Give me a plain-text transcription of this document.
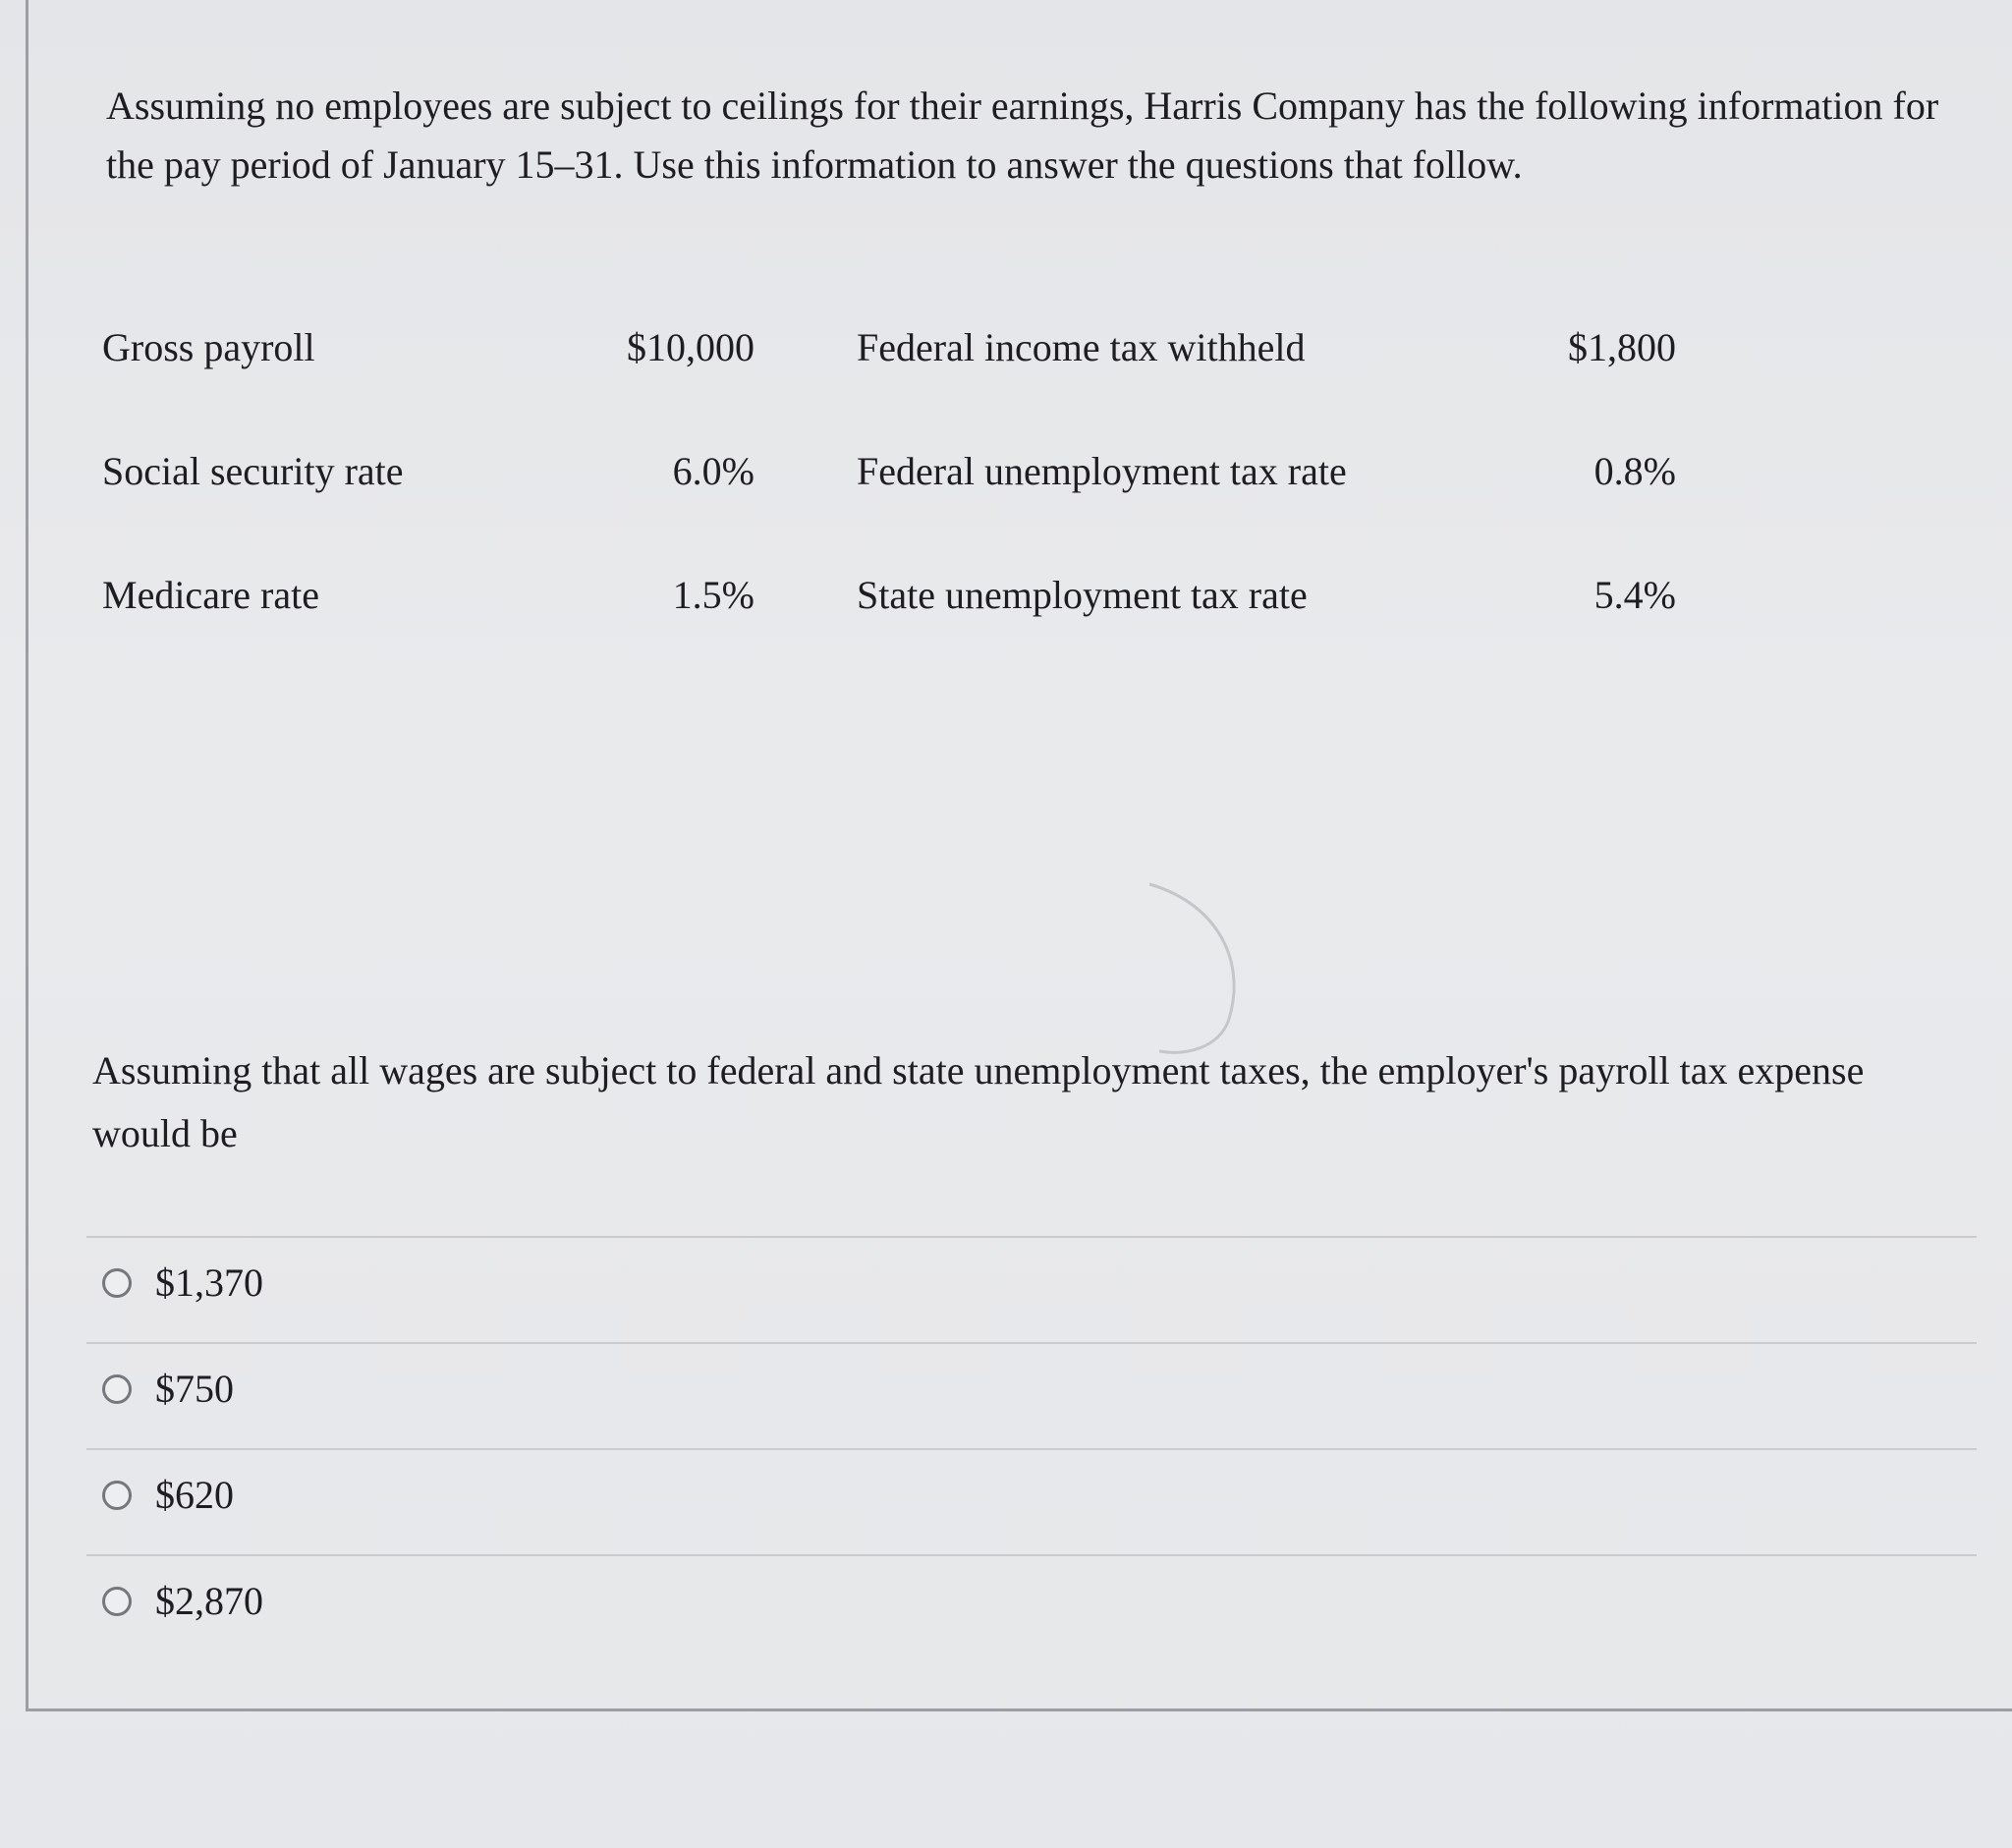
Assuming no employees are subject to ceilings for their earnings, Harris Company has the following information for the pay period of January 15–31. Use this information to answer the questions that follow.

Gross payroll	$10,000	Federal income tax withheld	$1,800
Social security rate	6.0%	Federal unemployment tax rate	0.8%
Medicare rate	1.5%	State unemployment tax rate	5.4%

Assuming that all wages are subject to federal and state unemployment taxes, the employer's payroll tax expense would be

$1,370
$750
$620
$2,870
